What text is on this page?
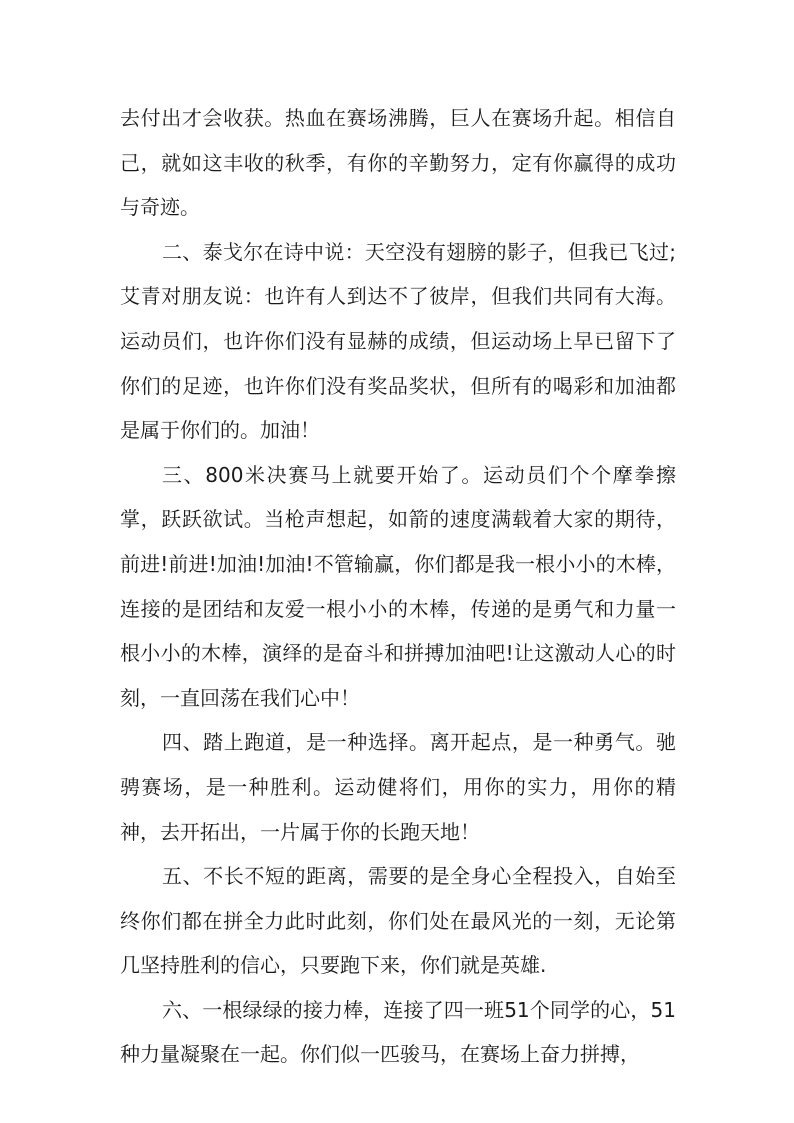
去付出才会收获。热血在赛场沸腾，巨人在赛场升起。相信自己，就如这丰收的秋季，有你的辛勤努力，定有你赢得的成功与奇迹。

二、泰戈尔在诗中说：天空没有翅膀的影子，但我已飞过;艾青对朋友说：也许有人到达不了彼岸，但我们共同有大海。运动员们，也许你们没有显赫的成绩，但运动场上早已留下了你们的足迹，也许你们没有奖品奖状，但所有的喝彩和加油都是属于你们的。加油！

三、800米决赛马上就要开始了。运动员们个个摩拳擦掌，跃跃欲试。当枪声想起，如箭的速度满载着大家的期待，前进!前进!加油!加油!不管输赢，你们都是我一根小小的木棒，连接的是团结和友爱一根小小的木棒，传递的是勇气和力量一根小小的木棒，演绎的是奋斗和拼搏加油吧!让这激动人心的时刻，一直回荡在我们心中！

四、踏上跑道，是一种选择。离开起点，是一种勇气。驰骋赛场，是一种胜利。运动健将们，用你的实力，用你的精神，去开拓出，一片属于你的长跑天地！

五、不长不短的距离，需要的是全身心全程投入，自始至终你们都在拼全力此时此刻，你们处在最风光的一刻，无论第几坚持胜利的信心，只要跑下来，你们就是英雄.

六、一根绿绿的接力棒，连接了四一班51个同学的心，51种力量凝聚在一起。你们似一匹骏马，在赛场上奋力拼搏，
